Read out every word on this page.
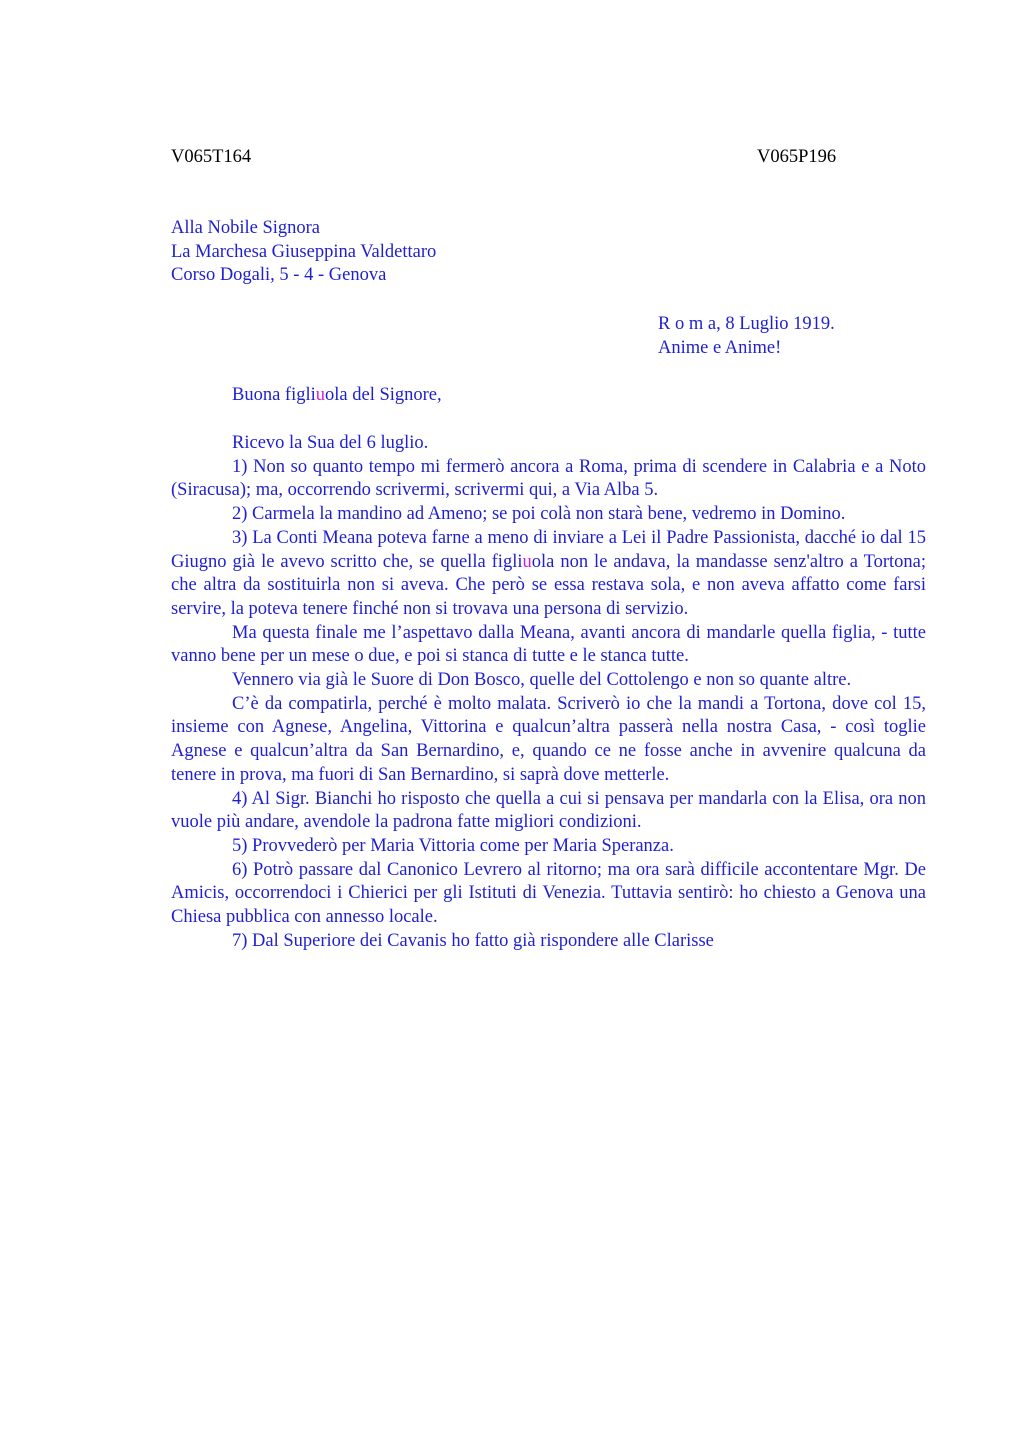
V065T164	V065P196
Alla Nobile Signora
La Marchesa Giuseppina Valdettaro
Corso Dogali, 5 - 4 - Genova
R o m a, 8 Luglio 1919.
Anime e Anime!
Buona figliuola del Signore,

Ricevo la Sua del 6 luglio.

1) Non so quanto tempo mi fermerò ancora a Roma, prima di scendere in Calabria e a Noto (Siracusa); ma, occorrendo scrivermi, scrivermi qui, a Via Alba 5.

2) Carmela la mandino ad Ameno; se poi colà non starà bene, vedremo in Domino.

3) La Conti Meana poteva farne a meno di inviare a Lei il Padre Passionista, dacché io dal 15 Giugno già le avevo scritto che, se quella figliuola non le andava, la mandasse senz'altro a Tortona; che altra da sostituirla non si aveva. Che però se essa restava sola, e non aveva affatto come farsi servire, la poteva tenere finché non si trovava una persona di servizio.

Ma questa finale me l’aspettavo dalla Meana, avanti ancora di mandarle quella figlia, - tutte vanno bene per un mese o due, e poi si stanca di tutte e le stanca tutte.

Vennero via già le Suore di Don Bosco, quelle del Cottolengo e non so quante altre.

C’è da compatirla, perché è molto malata. Scriverò io che la mandi a Tortona, dove col 15, insieme con Agnese, Angelina, Vittorina e qualcun’altra passerà nella nostra Casa, - così toglie Agnese e qualcun’altra da San Bernardino, e, quando ce ne fosse anche in avvenire qualcuna da tenere in prova, ma fuori di San Bernardino, si saprà dove metterle.

4) Al Sigr. Bianchi ho risposto che quella a cui si pensava per mandarla con la Elisa, ora non vuole più andare, avendole la padrona fatte migliori condizioni.

5) Provvederò per Maria Vittoria come per Maria Speranza.

6) Potrò passare dal Canonico Levrero al ritorno; ma ora sarà difficile accontentare Mgr. De Amicis, occorrendoci i Chierici per gli Istituti di Venezia. Tuttavia sentirò: ho chiesto a Genova una Chiesa pubblica con annesso locale.

7) Dal Superiore dei Cavanis ho fatto già rispondere alle Clarisse
